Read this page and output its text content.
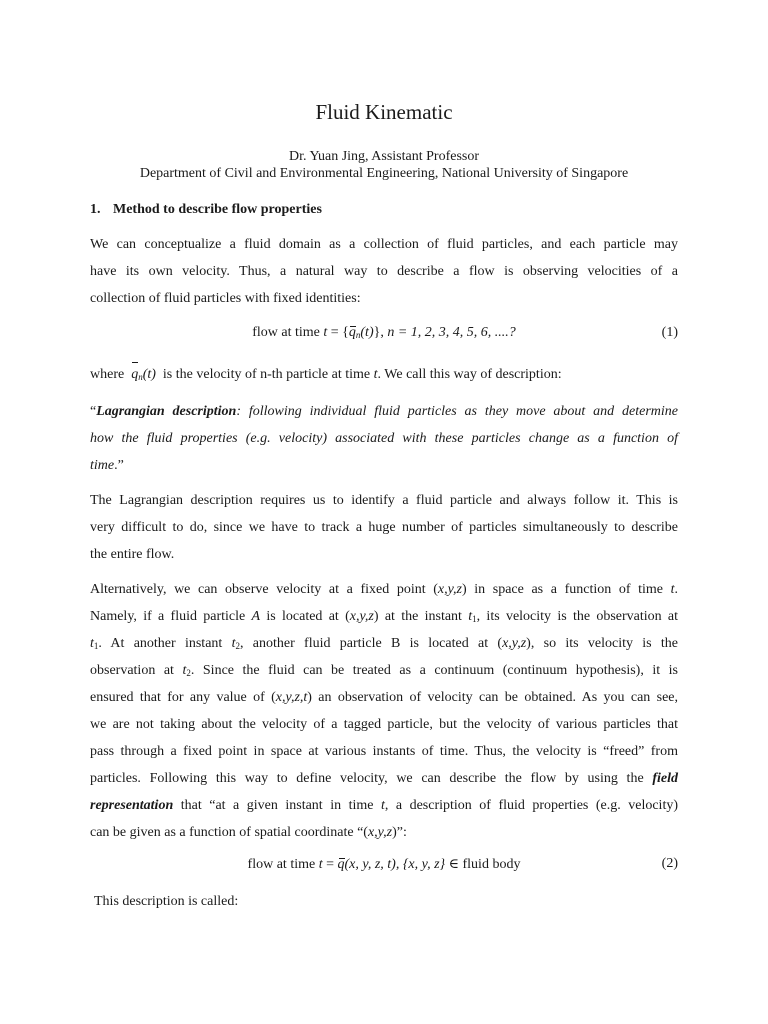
Fluid Kinematic
Dr. Yuan Jing, Assistant Professor
Department of Civil and Environmental Engineering, National University of Singapore
1. Method to describe flow properties
We can conceptualize a fluid domain as a collection of fluid particles, and each particle may
have its own velocity. Thus, a natural way to describe a flow is observing velocities of a
collection of fluid particles with fixed identities:
flow at time $t = \{q_n(t)\}$, n = 1, 2, 3, 4, 5, 6, ....?	(1)
where $q_n(t)$ is the velocity of n-th particle at time t. We call this way of description:
“Lagrangian description: following individual fluid particles as they move about and determine
how the fluid properties (e.g. velocity) associated with these particles change as a function of
time.”
The Lagrangian description requires us to identify a fluid particle and always follow it. This is
very difficult to do, since we have to track a huge number of particles simultaneously to describe
the entire flow.
Alternatively, we can observe velocity at a fixed point (x,y,z) in space as a function of time t.
Namely, if a fluid particle A is located at (x,y,z) at the instant $t_1$, its velocity is the observation at
$t_1$. At another instant $t_2$, another fluid particle B is located at (x,y,z), so its velocity is the
observation at $t_2$. Since the fluid can be treated as a continuum (continuum hypothesis), it is
ensured that for any value of (x,y,z,t) an observation of velocity can be obtained. As you can see,
we are not taking about the velocity of a tagged particle, but the velocity of various particles that
pass through a fixed point in space at various instants of time. Thus, the velocity is “freed” from
particles. Following this way to define velocity, we can describe the flow by using the field
representation that “at a given instant in time t, a description of fluid properties (e.g. velocity)
can be given as a function of spatial coordinate “(x,y,z)”:
flow at time t = q(x, y, z, t), {x, y, z} ∈ fluid body	(2)
This description is called:
